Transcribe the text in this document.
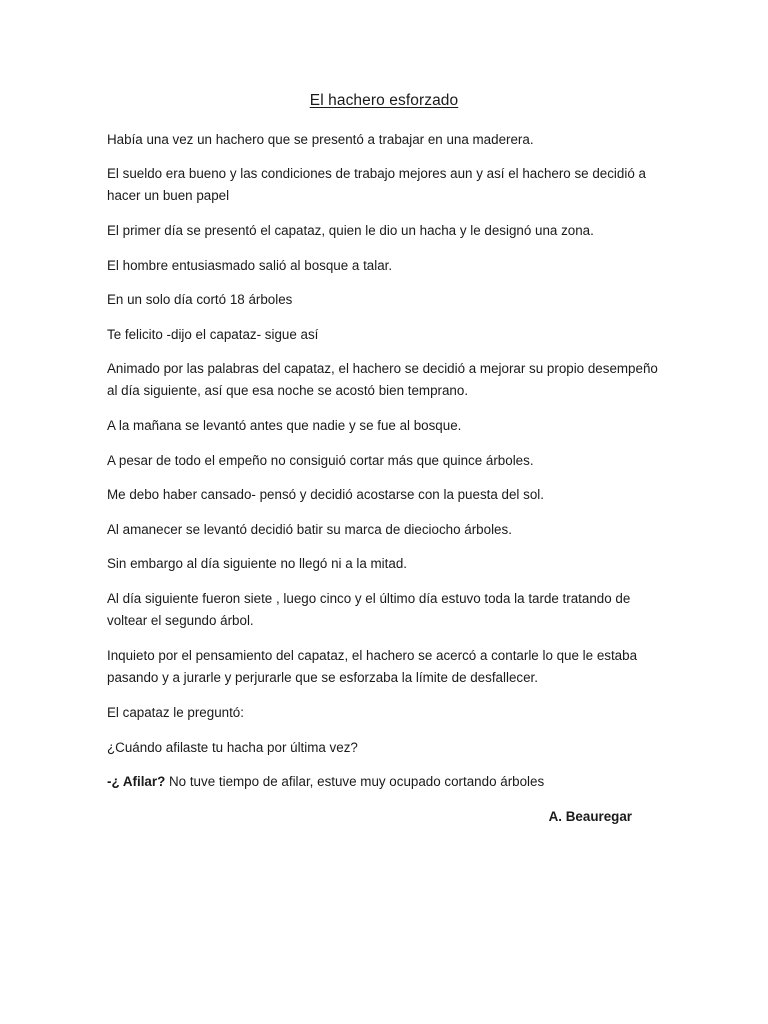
El hachero esforzado

Había una vez un hachero que se presentó a trabajar en una maderera.

El sueldo era bueno y las condiciones de trabajo mejores aun y así el hachero se decidió a hacer un buen papel

El primer día se presentó el capataz, quien le dio un hacha y le designó una zona.

El hombre entusiasmado salió al bosque a talar.

En un solo día cortó 18 árboles

Te felicito -dijo el capataz- sigue así

Animado por las palabras del capataz, el hachero se decidió a mejorar su propio desempeño al día siguiente, así que esa noche se acostó bien temprano.

A la mañana se levantó antes que nadie y se fue al bosque.

A pesar de todo el empeño no consiguió cortar más que quince árboles.

Me debo haber cansado- pensó y decidió acostarse con la puesta del sol.

Al amanecer se levantó decidió batir su marca de dieciocho árboles.

Sin embargo al día siguiente no llegó ni a la mitad.

Al día siguiente fueron siete , luego cinco y el último día estuvo toda la tarde tratando de voltear el segundo árbol.

Inquieto por el pensamiento del capataz, el hachero se acercó a contarle lo que le estaba pasando y a jurarle y perjurarle que se esforzaba la límite de desfallecer.

El capataz le preguntó:

¿Cuándo afilaste tu hacha por última vez?

-¿ Afilar? No tuve tiempo de afilar, estuve muy ocupado cortando árboles

A. Beauregar
